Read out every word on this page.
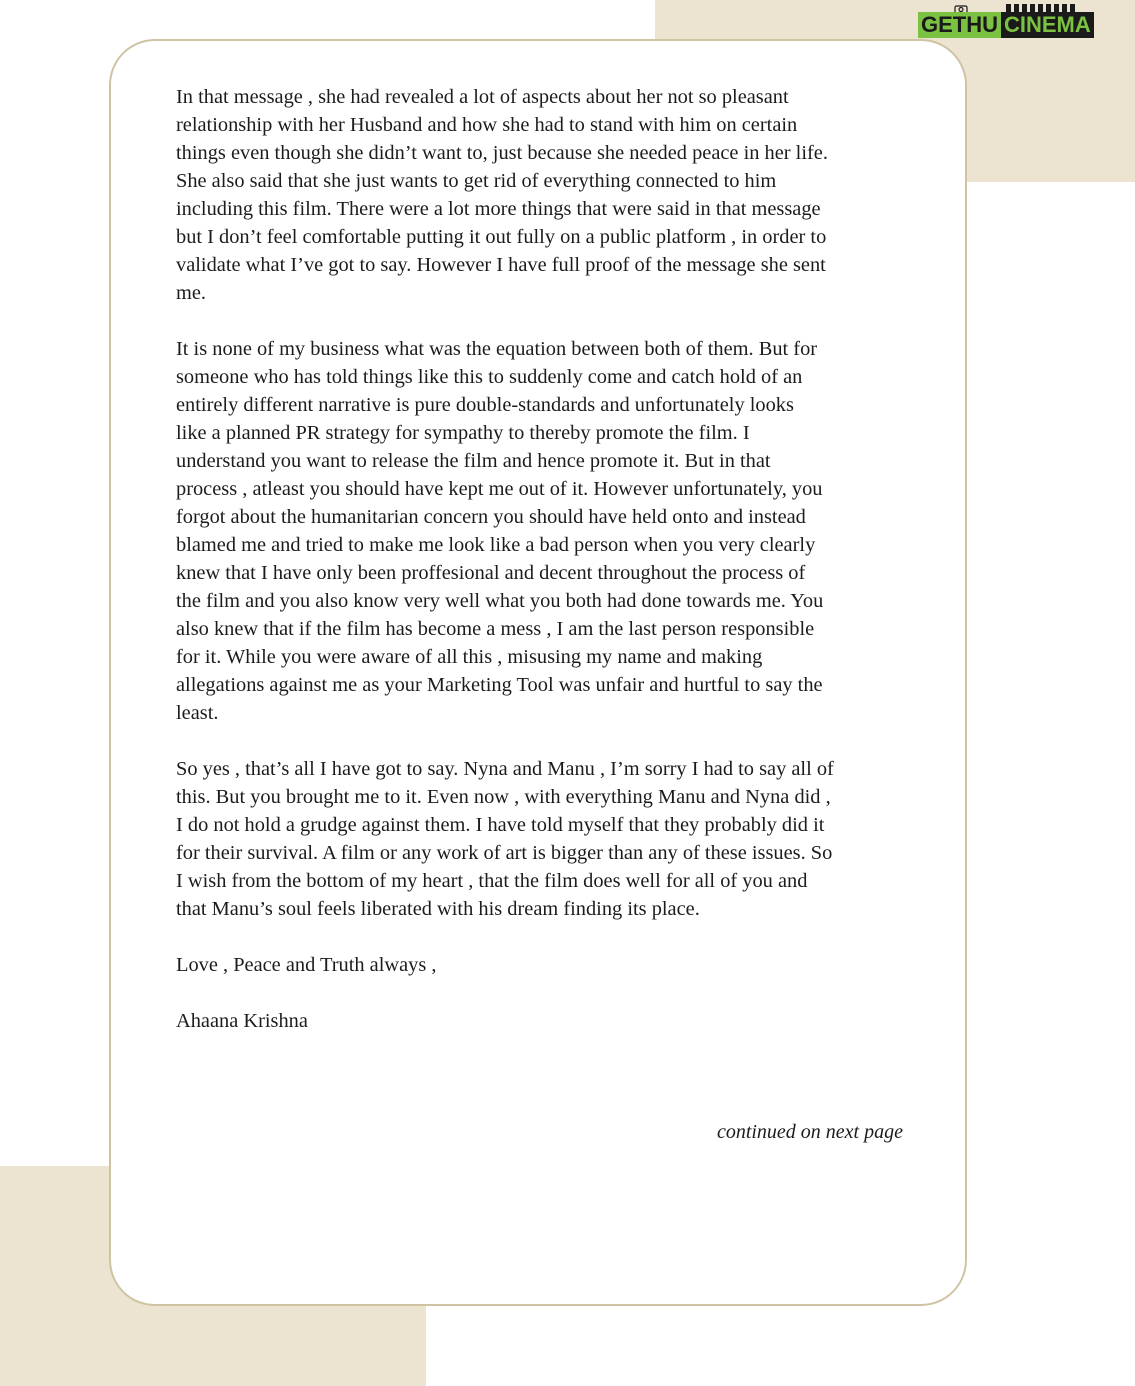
GETHU CINEMA

In that message , she had revealed a lot of aspects about her not so pleasant
relationship with her Husband and how she had to stand with him on certain
things even though she didn’t want to, just because she needed peace in her life.
She also said that she just wants to get rid of everything connected to him
including this film. There were a lot more things that were said in that message
but I don’t feel comfortable putting it out fully on a public platform , in order to
validate what I’ve got to say. However I have full proof of the message she sent
me.

It is none of my business what was the equation between both of them. But for
someone who has told things like this to suddenly come and catch hold of an
entirely different narrative is pure double-standards and unfortunately looks
like a planned PR strategy for sympathy to thereby promote the film. I
understand you want to release the film and hence promote it. But in that
process , atleast you should have kept me out of it. However unfortunately, you
forgot about the humanitarian concern you should have held onto and instead
blamed me and tried to make me look like a bad person when you very clearly
knew that I have only been proffesional and decent throughout the process of
the film and you also know very well what you both had done towards me. You
also knew that if the film has become a mess , I am the last person responsible
for it. While you were aware of all this , misusing my name and making
allegations against me as your Marketing Tool was unfair and hurtful to say the
least.

So yes , that’s all I have got to say. Nyna and Manu , I’m sorry I had to say all of
this. But you brought me to it. Even now , with everything Manu and Nyna did ,
I do not hold a grudge against them. I have told myself that they probably did it
for their survival. A film or any work of art is bigger than any of these issues. So
I wish from the bottom of my heart , that the film does well for all of you and
that Manu’s soul feels liberated with his dream finding its place.

Love , Peace and Truth always ,

Ahaana Krishna

continued on next page
